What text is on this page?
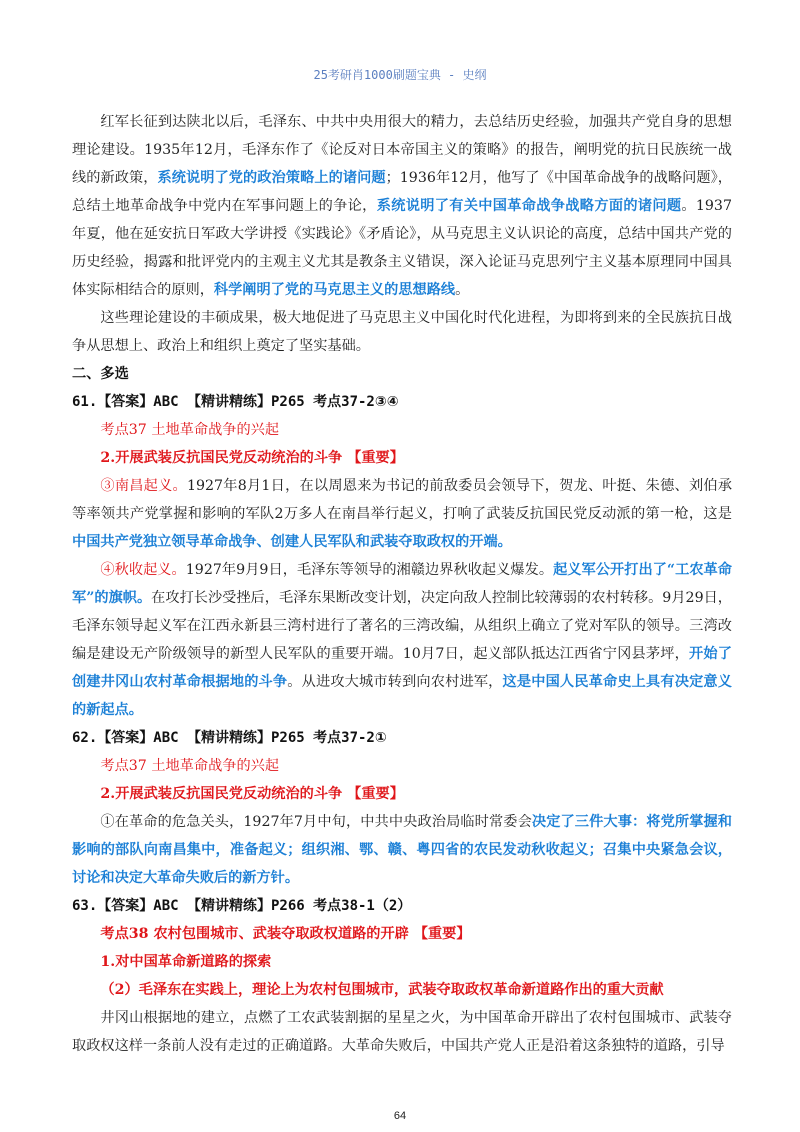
25考研肖1000刷题宝典 - 史纲

红军长征到达陕北以后，毛泽东、中共中央用很大的精力，去总结历史经验，加强共产党自身的思想理论建设。1935年12月，毛泽东作了《论反对日本帝国主义的策略》的报告，阐明党的抗日民族统一战线的新政策，系统说明了党的政治策略上的诸问题；1936年12月，他写了《中国革命战争的战略问题》，总结土地革命战争中党内在军事问题上的争论，系统说明了有关中国革命战争战略方面的诸问题。1937年夏，他在延安抗日军政大学讲授《实践论》《矛盾论》，从马克思主义认识论的高度，总结中国共产党的历史经验，揭露和批评党内的主观主义尤其是教条主义错误，深入论证马克思列宁主义基本原理同中国具体实际相结合的原则，科学阐明了党的马克思主义的思想路线。

这些理论建设的丰硕成果，极大地促进了马克思主义中国化时代化进程，为即将到来的全民族抗日战争从思想上、政治上和组织上奠定了坚实基础。

二、多选

61.【答案】ABC 【精讲精练】P265 考点37-2③④

考点37 土地革命战争的兴起

2.开展武装反抗国民党反动统治的斗争 【重要】

③南昌起义。1927年8月1日，在以周恩来为书记的前敌委员会领导下，贺龙、叶挺、朱德、刘伯承等率领共产党掌握和影响的军队2万多人在南昌举行起义，打响了武装反抗国民党反动派的第一枪，这是中国共产党独立领导革命战争、创建人民军队和武装夺取政权的开端。

④秋收起义。1927年9月9日，毛泽东等领导的湘赣边界秋收起义爆发。起义军公开打出了“工农革命军”的旗帜。在攻打长沙受挫后，毛泽东果断改变计划，决定向敌人控制比较薄弱的农村转移。9月29日，毛泽东领导起义军在江西永新县三湾村进行了著名的三湾改编，从组织上确立了党对军队的领导。三湾改编是建设无产阶级领导的新型人民军队的重要开端。10月7日，起义部队抵达江西省宁冈县茅坪，开始了创建井冈山农村革命根据地的斗争。从进攻大城市转到向农村进军，这是中国人民革命史上具有决定意义的新起点。

62.【答案】ABC 【精讲精练】P265 考点37-2①

考点37 土地革命战争的兴起

2.开展武装反抗国民党反动统治的斗争 【重要】

①在革命的危急关头，1927年7月中旬，中共中央政治局临时常委会决定了三件大事：将党所掌握和影响的部队向南昌集中，准备起义；组织湘、鄂、赣、粤四省的农民发动秋收起义；召集中央紧急会议，讨论和决定大革命失败后的新方针。

63.【答案】ABC 【精讲精练】P266 考点38-1（2）

考点38 农村包围城市、武装夺取政权道路的开辟 【重要】

1.对中国革命新道路的探索

（2）毛泽东在实践上，理论上为农村包围城市，武装夺取政权革命新道路作出的重大贡献

井冈山根据地的建立，点燃了工农武装割据的星星之火，为中国革命开辟出了农村包围城市、武装夺取政权这样一条前人没有走过的正确道路。大革命失败后，中国共产党人正是沿着这条独特的道路，引导

64
